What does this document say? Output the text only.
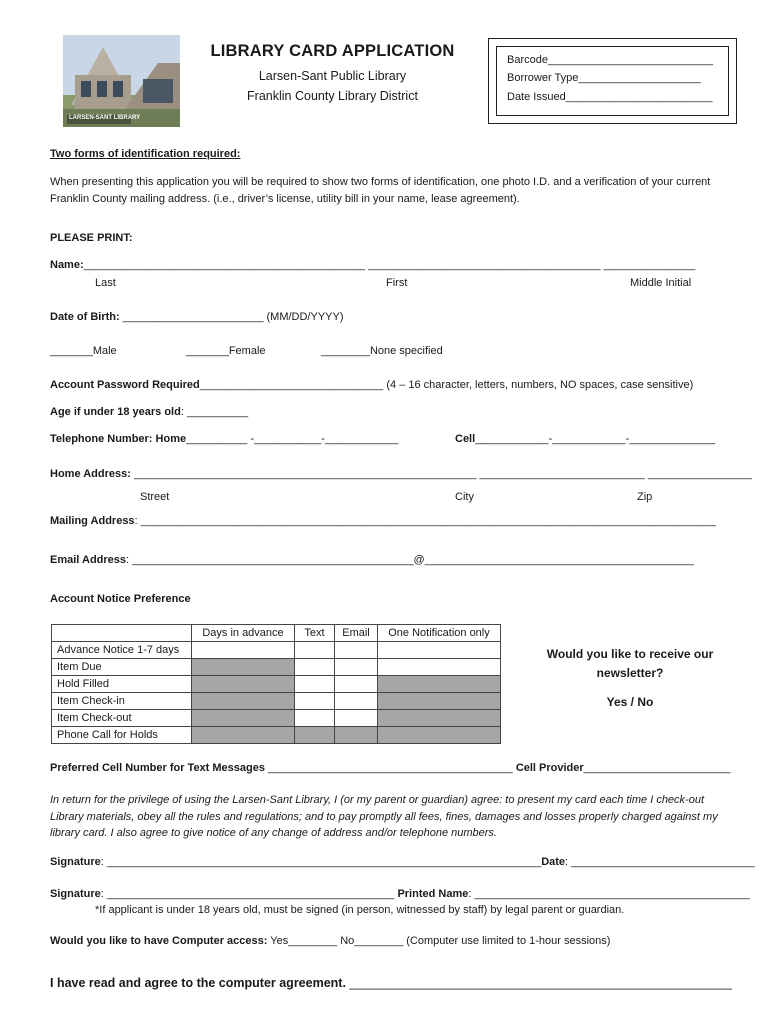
LARSEN-SANT LIBRARY
LIBRARY CARD APPLICATION
Larsen-Sant Public Library
Franklin County Library District
Barcode___________________________
Borrower Type____________________
Date Issued________________________
Two forms of identification required:
When presenting this application you will be required to show two forms of identification, one photo I.D. and a verification of your current Franklin County mailing address. (i.e., driver’s license, utility bill in your name, lease agreement).
PLEASE PRINT:
Name:______________________________________________ ______________________________________ _______________
Last	First	Middle Initial
Date of Birth: _______________________ (MM/DD/YYYY)
_______Male	_______Female	________None specified
Account Password Required______________________________ (4 – 16 character, letters, numbers, NO spaces, case sensitive)
Age if under 18 years old: __________
Telephone Number: Home__________ -___________-____________	Cell____________-____________-______________
Home Address: ________________________________________________________ ___________________________ _________________
Street	City	Zip
Mailing Address: ______________________________________________________________________________________________
Email Address: ______________________________________________@____________________________________________
Account Notice Preference
	Days in advance	Text	Email	One Notification only
Advance Notice 1-7 days				
Item Due				
Hold Filled				
Item Check-in				
Item Check-out				
Phone Call for Holds				
Would you like to receive our
newsletter?
Yes / No
Preferred Cell Number for Text Messages ________________________________________ Cell Provider________________________
In return for the privilege of using the Larsen-Sant Library, I (or my parent or guardian) agree: to present my card each time I check-out Library materials, obey all the rules and regulations; and to pay promptly all fees, fines, damages and losses properly charged against my library card. I also agree to give notice of any change of address and/or telephone numbers.
Signature: _______________________________________________________________________Date: ______________________________
Signature: _______________________________________________ Printed Name: _____________________________________________
*If applicant is under 18 years old, must be signed (in person, witnessed by staff) by legal parent or guardian.
Would you like to have Computer access: Yes________ No________ (Computer use limited to 1-hour sessions)
I have read and agree to the computer agreement. _______________________________________________________
